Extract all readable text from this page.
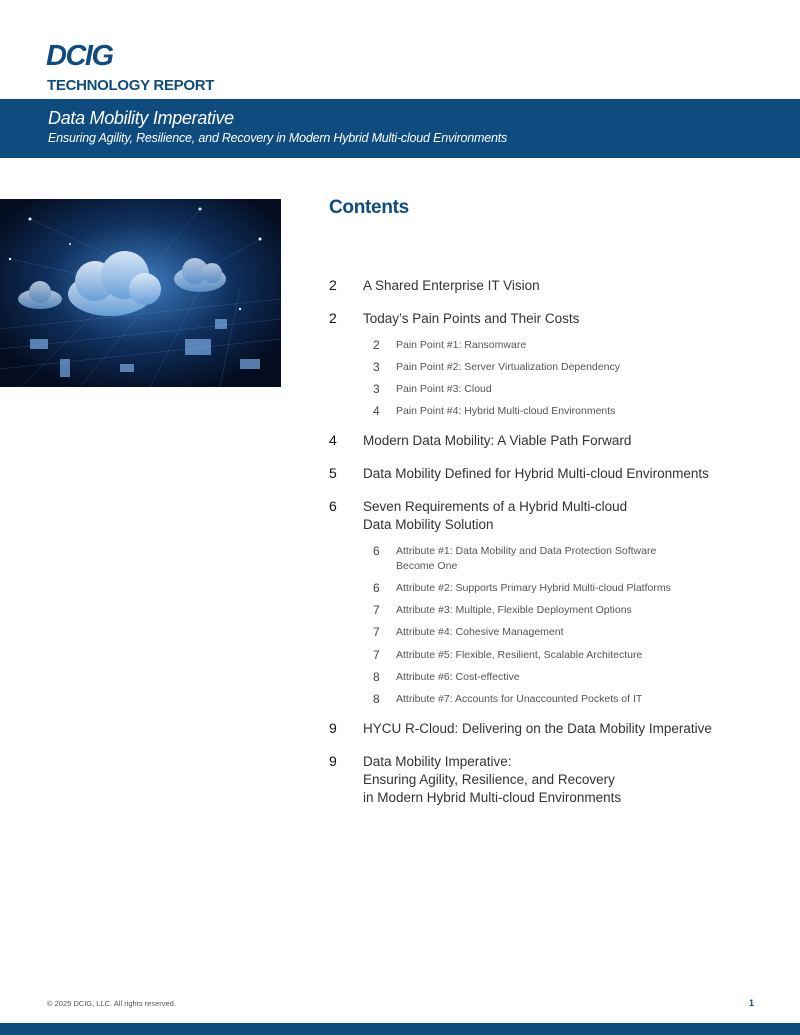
DCIG
TECHNOLOGY REPORT
Data Mobility Imperative
Ensuring Agility, Resilience, and Recovery in Modern Hybrid Multi-cloud Environments
Contents
2 A Shared Enterprise IT Vision
2 Today’s Pain Points and Their Costs
2 Pain Point #1: Ransomware
3 Pain Point #2: Server Virtualization Dependency
3 Pain Point #3: Cloud
4 Pain Point #4: Hybrid Multi-cloud Environments
4 Modern Data Mobility: A Viable Path Forward
5 Data Mobility Defined for Hybrid Multi-cloud Environments
6 Seven Requirements of a Hybrid Multi-cloud
Data Mobility Solution
6 Attribute #1: Data Mobility and Data Protection Software
Become One
6 Attribute #2: Supports Primary Hybrid Multi-cloud Platforms
7 Attribute #3: Multiple, Flexible Deployment Options
7 Attribute #4: Cohesive Management
7 Attribute #5: Flexible, Resilient, Scalable Architecture
8 Attribute #6: Cost-effective
8 Attribute #7: Accounts for Unaccounted Pockets of IT
9 HYCU R-Cloud: Delivering on the Data Mobility Imperative
9 Data Mobility Imperative:
Ensuring Agility, Resilience, and Recovery
in Modern Hybrid Multi-cloud Environments
© 2025 DCIG, LLC. All rights reserved.	1
